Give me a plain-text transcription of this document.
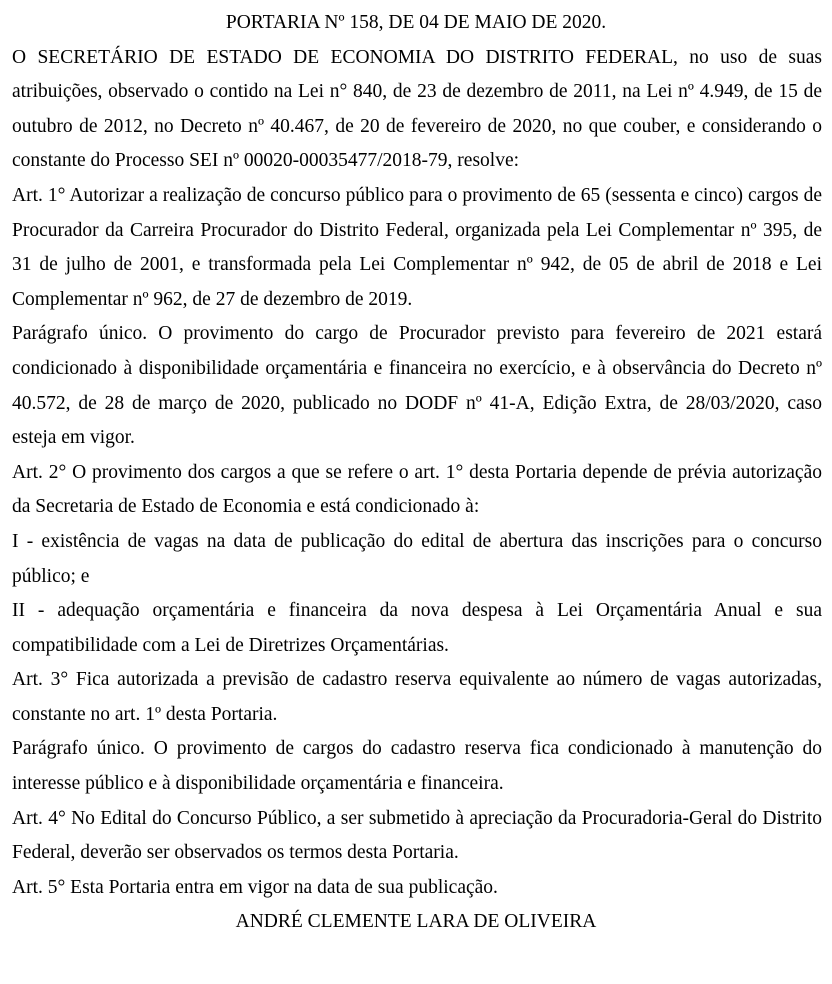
PORTARIA Nº 158, DE 04 DE MAIO DE 2020.

O SECRETÁRIO DE ESTADO DE ECONOMIA DO DISTRITO FEDERAL, no uso de suas atribuições, observado o contido na Lei n° 840, de 23 de dezembro de 2011, na Lei nº 4.949, de 15 de outubro de 2012, no Decreto nº 40.467, de 20 de fevereiro de 2020, no que couber, e considerando o constante do Processo SEI nº 00020-00035477/2018-79, resolve:

Art. 1° Autorizar a realização de concurso público para o provimento de 65 (sessenta e cinco) cargos de Procurador da Carreira Procurador do Distrito Federal, organizada pela Lei Complementar nº 395, de 31 de julho de 2001, e transformada pela Lei Complementar nº 942, de 05 de abril de 2018 e Lei Complementar nº 962, de 27 de dezembro de 2019.

Parágrafo único. O provimento do cargo de Procurador previsto para fevereiro de 2021 estará condicionado à disponibilidade orçamentária e financeira no exercício, e à observância do Decreto nº 40.572, de 28 de março de 2020, publicado no DODF nº 41-A, Edição Extra, de 28/03/2020, caso esteja em vigor.

Art. 2° O provimento dos cargos a que se refere o art. 1° desta Portaria depende de prévia autorização da Secretaria de Estado de Economia e está condicionado à:

I - existência de vagas na data de publicação do edital de abertura das inscrições para o concurso público; e

II - adequação orçamentária e financeira da nova despesa à Lei Orçamentária Anual e sua compatibilidade com a Lei de Diretrizes Orçamentárias.

Art. 3° Fica autorizada a previsão de cadastro reserva equivalente ao número de vagas autorizadas, constante no art. 1º desta Portaria.

Parágrafo único. O provimento de cargos do cadastro reserva fica condicionado à manutenção do interesse público e à disponibilidade orçamentária e financeira.

Art. 4° No Edital do Concurso Público, a ser submetido à apreciação da Procuradoria-Geral do Distrito Federal, deverão ser observados os termos desta Portaria.

Art. 5° Esta Portaria entra em vigor na data de sua publicação.

ANDRÉ CLEMENTE LARA DE OLIVEIRA
